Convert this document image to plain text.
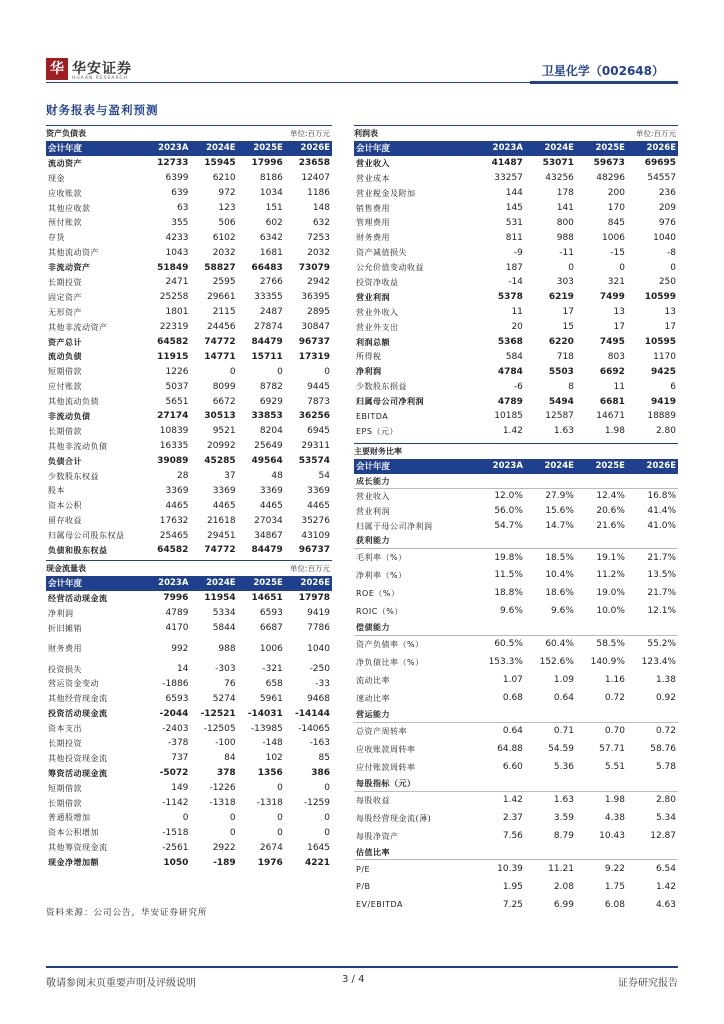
华 华安证券
HUAAN RESEARCH
卫星化学（002648）
财务报表与盈利预测
资产负债表	单位:百万元
会计年度	2023A	2024E	2025E	2026E
流动资产	12733	15945	17996	23658
现金	6399	6210	8186	12407
应收账款	639	972	1034	1186
其他应收款	63	123	151	148
预付账款	355	506	602	632
存货	4233	6102	6342	7253
其他流动资产	1043	2032	1681	2032
非流动资产	51849	58827	66483	73079
长期投资	2471	2595	2766	2942
固定资产	25258	29661	33355	36395
无形资产	1801	2115	2487	2895
其他非流动资产	22319	24456	27874	30847
资产总计	64582	74772	84479	96737
流动负债	11915	14771	15711	17319
短期借款	1226	0	0	0
应付账款	5037	8099	8782	9445
其他流动负债	5651	6672	6929	7873
非流动负债	27174	30513	33853	36256
长期借款	10839	9521	8204	6945
其他非流动负债	16335	20992	25649	29311
负债合计	39089	45285	49564	53574
少数股东权益	28	37	48	54
股本	3369	3369	3369	3369
资本公积	4465	4465	4465	4465
留存收益	17632	21618	27034	35276
归属母公司股东权益	25465	29451	34867	43109
负债和股东权益	64582	74772	84479	96737
现金流量表	单位:百万元
会计年度	2023A	2024E	2025E	2026E
经营活动现金流	7996	11954	14651	17978
净利润	4789	5334	6593	9419
折旧摊销	4170	5844	6687	7786
财务费用	992	988	1006	1040
投资损失	14	-303	-321	-250
营运资金变动	-1886	76	658	-33
其他经营现金流	6593	5274	5961	9468
投资活动现金流	-2044	-12521	-14031	-14144
资本支出	-2403	-12505	-13985	-14065
长期投资	-378	-100	-148	-163
其他投资现金流	737	84	102	85
筹资活动现金流	-5072	378	1356	386
短期借款	149	-1226	0	0
长期借款	-1142	-1318	-1318	-1259
普通股增加	0	0	0	0
资本公积增加	-1518	0	0	0
其他筹资现金流	-2561	2922	2674	1645
现金净增加额	1050	-189	1976	4221
利润表	单位:百万元
会计年度	2023A	2024E	2025E	2026E
营业收入	41487	53071	59673	69695
营业成本	33257	43256	48296	54557
营业税金及附加	144	178	200	236
销售费用	145	141	170	209
管理费用	531	800	845	976
财务费用	811	988	1006	1040
资产减值损失	-9	-11	-15	-8
公允价值变动收益	187	0	0	0
投资净收益	-14	303	321	250
营业利润	5378	6219	7499	10599
营业外收入	11	17	13	13
营业外支出	20	15	17	17
利润总额	5368	6220	7495	10595
所得税	584	718	803	1170
净利润	4784	5503	6692	9425
少数股东损益	-6	8	11	6
归属母公司净利润	4789	5494	6681	9419
EBITDA	10185	12587	14671	18889
EPS（元）	1.42	1.63	1.98	2.80
主要财务比率
会计年度	2023A	2024E	2025E	2026E
成长能力				
营业收入	12.0%	27.9%	12.4%	16.8%
营业利润	56.0%	15.6%	20.6%	41.4%
归属于母公司净利润	54.7%	14.7%	21.6%	41.0%
获利能力				
毛利率（%）	19.8%	18.5%	19.1%	21.7%
净利率（%）	11.5%	10.4%	11.2%	13.5%
ROE（%）	18.8%	18.6%	19.0%	21.7%
ROIC（%）	9.6%	9.6%	10.0%	12.1%
偿债能力				
资产负债率（%）	60.5%	60.4%	58.5%	55.2%
净负债比率（%）	153.3%	152.6%	140.9%	123.4%
流动比率	1.07	1.09	1.16	1.38
速动比率	0.68	0.64	0.72	0.92
营运能力				
总资产周转率	0.64	0.71	0.70	0.72
应收账款周转率	64.88	54.59	57.71	58.76
应付账款周转率	6.60	5.36	5.51	5.78
每股指标（元）				
每股收益	1.42	1.63	1.98	2.80
每股经营现金流(薄)	2.37	3.59	4.38	5.34
每股净资产	7.56	8.79	10.43	12.87
估值比率				
P/E	10.39	11.21	9.22	6.54
P/B	1.95	2.08	1.75	1.42
EV/EBITDA	7.25	6.99	6.08	4.63
资料来源：公司公告，华安证券研究所
敬请参阅末页重要声明及评级说明	3 / 4	证券研究报告
